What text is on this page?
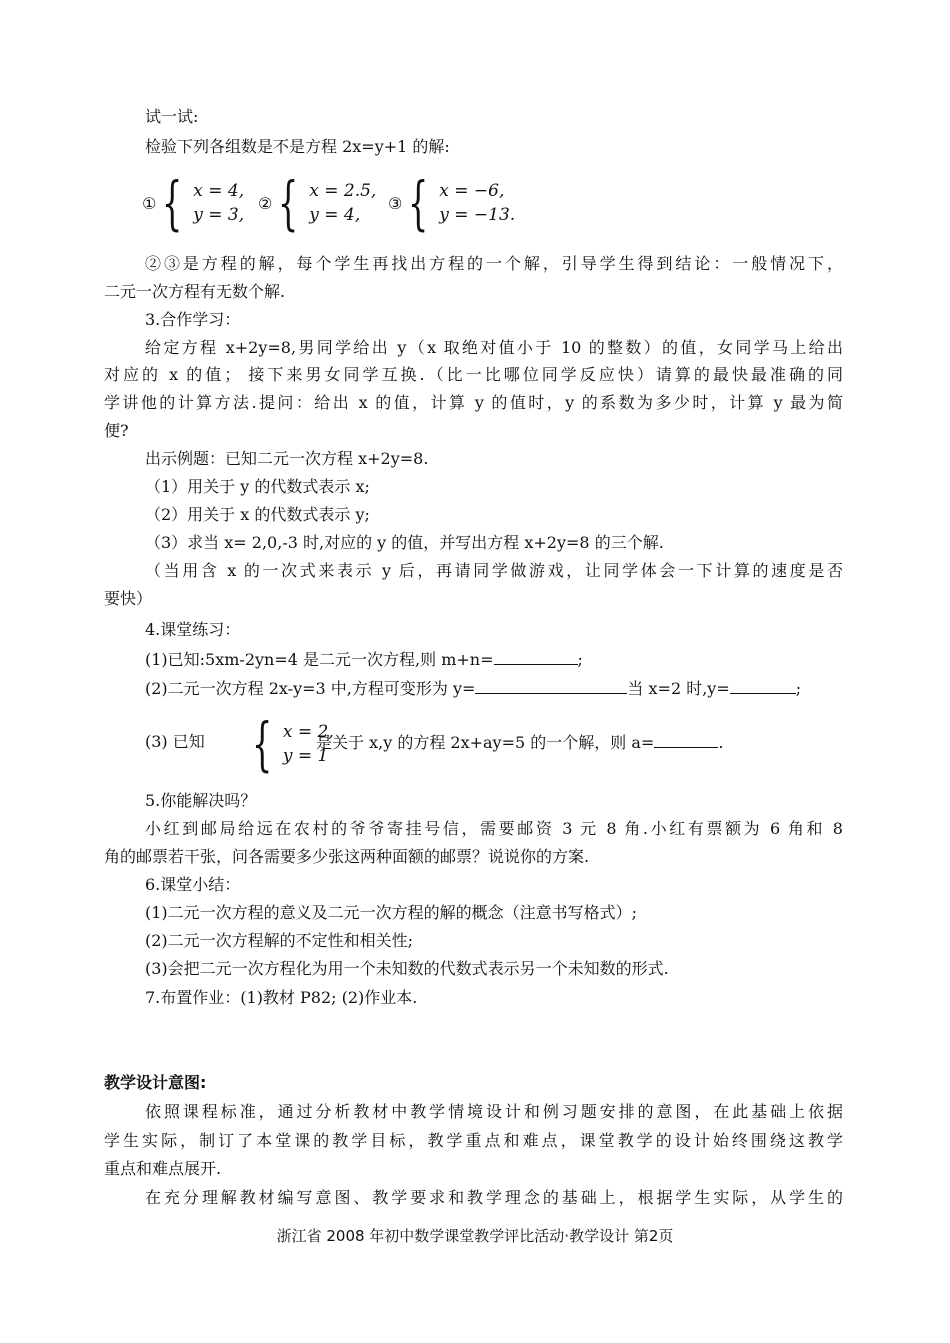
试一试:
检验下列各组数是不是方程 2x=y+1 的解:
① { x = 4,
y = 3,
② { x = 2.5,
y = 4,
③ { x = −6,
y = −13.
②③是方程的解，每个学生再找出方程的一个解，引导学生得到结论：一般情况下，
二元一次方程有无数个解.
3.合作学习：
给定方程 x+2y=8,男同学给出 y（x 取绝对值小于 10 的整数）的值，女同学马上给出
对应的 x 的值； 接下来男女同学互换.（比一比哪位同学反应快）请算的最快最准确的同
学讲他的计算方法.提问：给出 x 的值，计算 y 的值时，y 的系数为多少时，计算 y 最为简
便?
出示例题：已知二元一次方程 x+2y=8.
（1）用关于 y 的代数式表示 x;
（2）用关于 x 的代数式表示 y;
（3）求当 x= 2,0,-3 时,对应的 y 的值，并写出方程 x+2y=8 的三个解.
（当用含 x 的一次式来表示 y 后，再请同学做游戏，让同学体会一下计算的速度是否
要快）
4.课堂练习：
(1)已知:5xm-2yn=4 是二元一次方程,则 m+n=	;
(2)二元一次方程 2x-y=3 中,方程可变形为 y=	当 x=2 时,y=	;
(3) 已知 { x = 2,
y = 1
是关于 x,y 的方程 2x+ay=5 的一个解，则 a=	.
5.你能解决吗？
小红到邮局给远在农村的爷爷寄挂号信，需要邮资 3 元 8 角.小红有票额为 6 角和 8
角的邮票若干张，问各需要多少张这两种面额的邮票？说说你的方案.
6.课堂小结：
(1)二元一次方程的意义及二元一次方程的解的概念（注意书写格式）;
(2)二元一次方程解的不定性和相关性;
(3)会把二元一次方程化为用一个未知数的代数式表示另一个未知数的形式.
7.布置作业：(1)教材 P82; (2)作业本.
教学设计意图:
依照课程标准，通过分析教材中教学情境设计和例习题安排的意图，在此基础上依据
学生实际，制订了本堂课的教学目标，教学重点和难点，课堂教学的设计始终围绕这教学
重点和难点展开.
在充分理解教材编写意图、教学要求和教学理念的基础上，根据学生实际，从学生的
浙江省 2008 年初中数学课堂教学评比活动·教学设计 第2页
